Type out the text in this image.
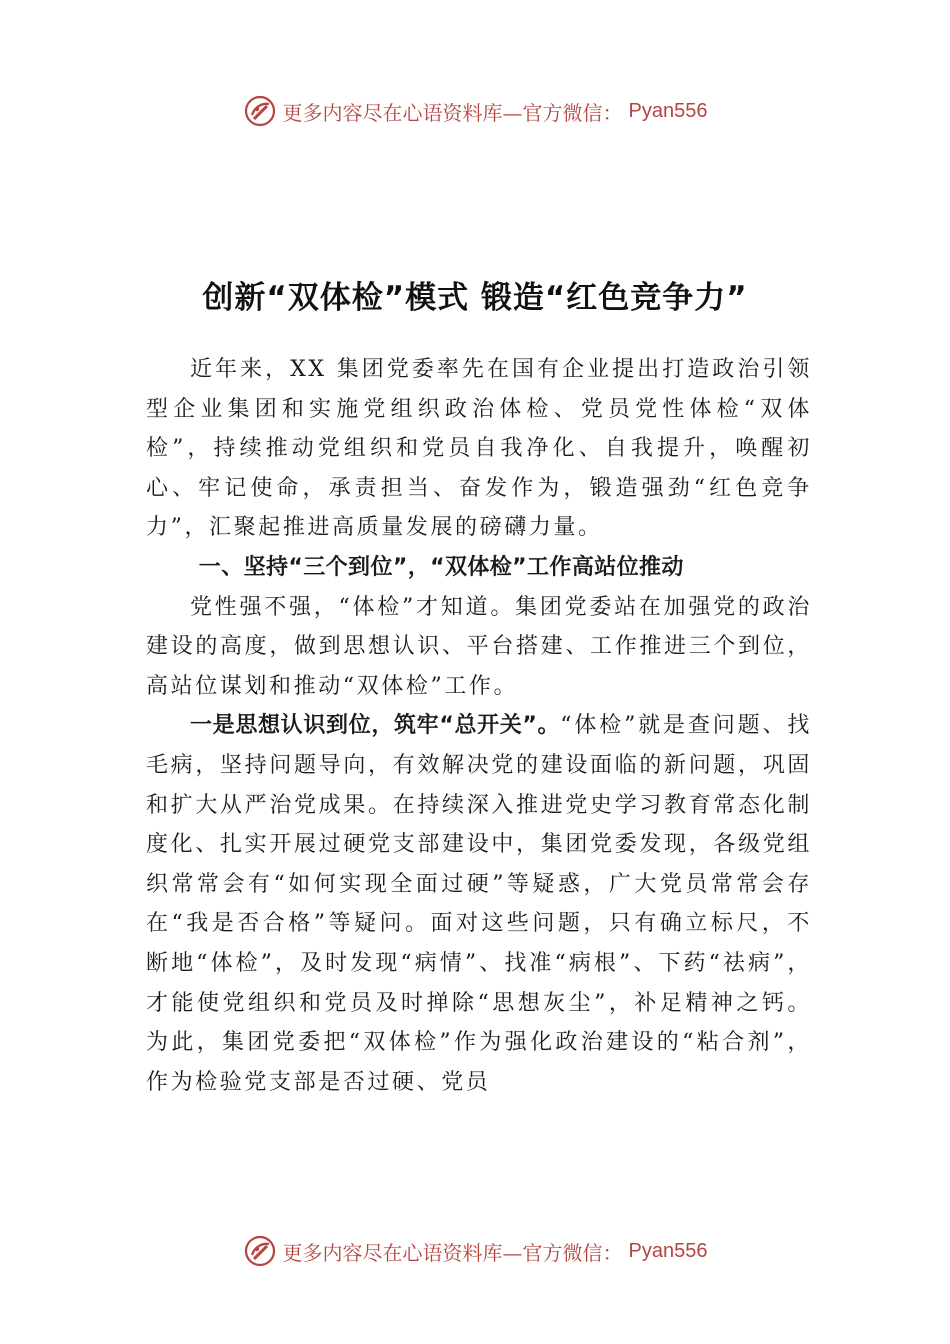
更多内容尽在心语资料库—官方微信： Pyan556
创新“双体检”模式 锻造“红色竞争力”

近年来，XX 集团党委率先在国有企业提出打造政治引领型企业集团和实施党组织政治体检、党员党性体检“双体检”，持续推动党组织和党员自我净化、自我提升，唤醒初心、牢记使命，承责担当、奋发作为，锻造强劲“红色竞争力”，汇聚起推进高质量发展的磅礴力量。

一、坚持“三个到位”，“双体检”工作高站位推动

党性强不强，“体检”才知道。集团党委站在加强党的政治建设的高度，做到思想认识、平台搭建、工作推进三个到位，高站位谋划和推动“双体检”工作。

一是思想认识到位，筑牢“总开关”。“体检”就是查问题、找毛病，坚持问题导向，有效解决党的建设面临的新问题，巩固和扩大从严治党成果。在持续深入推进党史学习教育常态化制度化、扎实开展过硬党支部建设中，集团党委发现，各级党组织常常会有“如何实现全面过硬”等疑惑，广大党员常常会存在“我是否合格”等疑问。面对这些问题，只有确立标尺，不断地“体检”，及时发现“病情”、找准“病根”、下药“祛病”，才能使党组织和党员及时掸除“思想灰尘”，补足精神之钙。为此，集团党委把“双体检”作为强化政治建设的“粘合剂”，作为检验党支部是否过硬、党员

更多内容尽在心语资料库—官方微信： Pyan556
